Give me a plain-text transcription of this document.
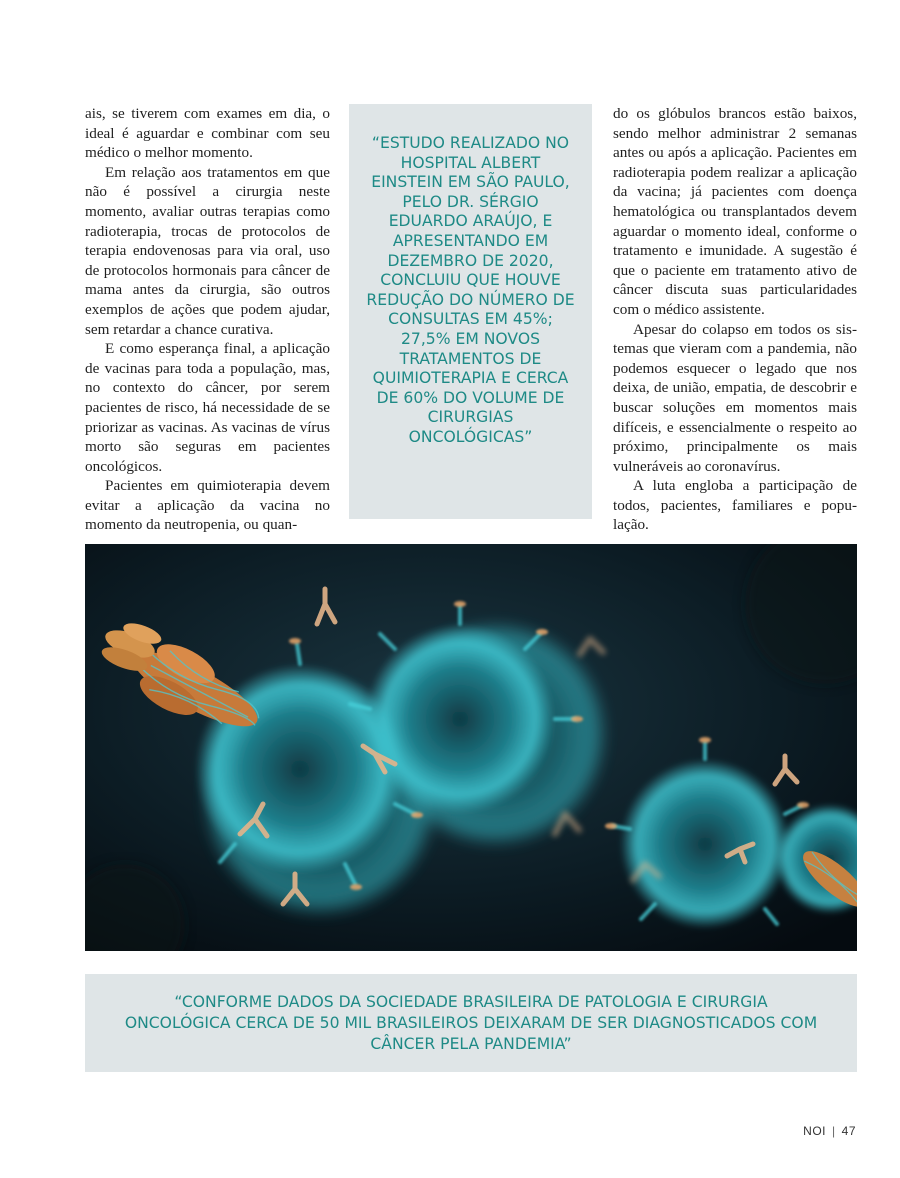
ais, se tiverem com exames em dia, o ideal é aguardar e combinar com seu médico o melhor momento.

Em relação aos tratamentos em que não é possível a cirurgia neste momento, avaliar outras terapias como radioterapia, trocas de protocolos de terapia endovenosas para via oral, uso de protocolos hormonais para câncer de mama antes da cirurgia, são outros exemplos de ações que podem ajudar, sem retardar a chance curativa.

E como esperança final, a aplicação de vacinas para toda a população, mas, no contexto do câncer, por serem pacientes de risco, há necessidade de se priorizar as vacinas. As vacinas de vírus morto são seguras em pacientes oncológicos.

Pacientes em quimioterapia devem evitar a aplicação da vacina no momento da neutropenia, ou quan-

“ESTUDO REALIZADO NO HOSPITAL ALBERT EINSTEIN EM SÃO PAULO, PELO DR. SÉRGIO EDUARDO ARAÚJO, E APRESENTANDO EM DEZEMBRO DE 2020, CONCLUIU QUE HOUVE REDUÇÃO DO NÚMERO DE CONSULTAS EM 45%; 27,5% EM NOVOS TRATAMENTOS DE QUIMIOTERAPIA E CERCA DE 60% DO VOLUME DE CIRURGIAS ONCOLÓGICAS”

do os glóbulos brancos estão baixos, sendo melhor administrar 2 semanas antes ou após a aplicação. Pacientes em radioterapia podem realizar a aplicação da vacina; já pacientes com doença hematológica ou transplantados devem aguardar o momento ideal, conforme o tratamento e imunidade. A sugestão é que o paciente em tratamento ativo de câncer discuta suas particularidades com o médico assistente.

Apesar do colapso em todos os sistemas que vieram com a pandemia, não podemos esquecer o legado que nos deixa, de união, empatia, de descobrir e buscar soluções em momentos mais difíceis, e essencialmente o respeito ao próximo, principalmente os mais vulneráveis ao coronavírus.

A luta engloba a participação de todos, pacientes, familiares e população.

“CONFORME DADOS DA SOCIEDADE BRASILEIRA DE PATOLOGIA E CIRURGIA ONCOLÓGICA CERCA DE 50 MIL BRASILEIROS DEIXARAM DE SER DIAGNOSTICADOS COM CÂNCER PELA PANDEMIA”

NOI | 47
